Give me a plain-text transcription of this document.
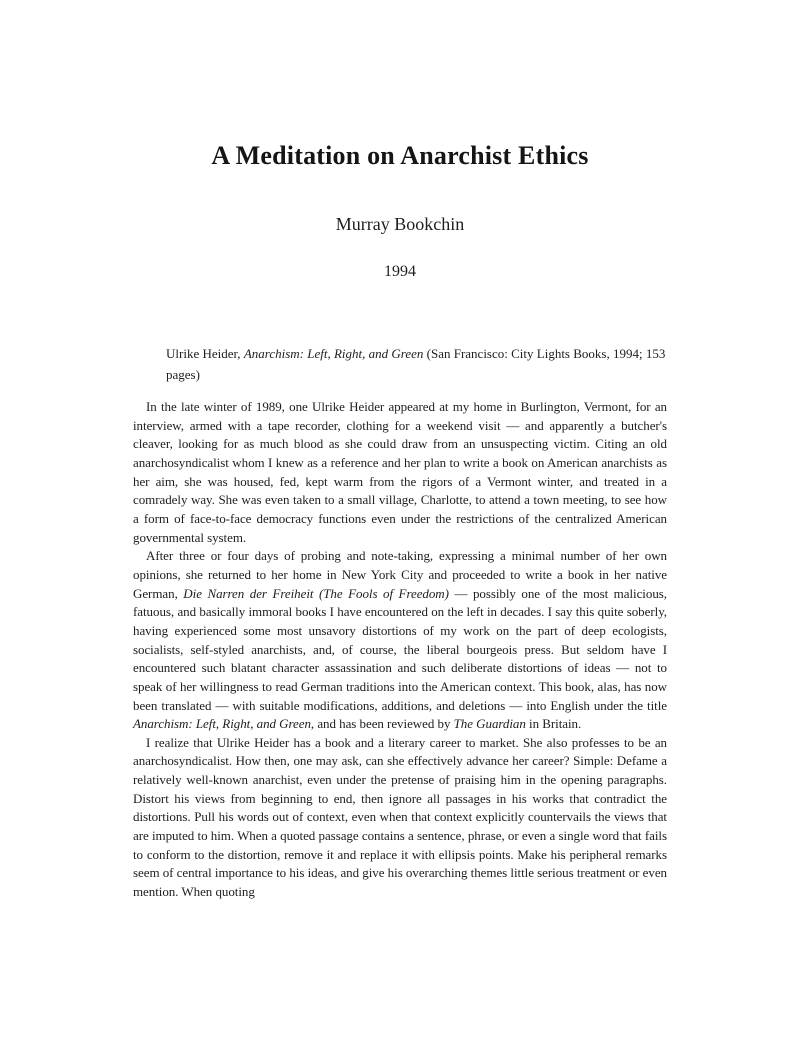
A Meditation on Anarchist Ethics
Murray Bookchin
1994
Ulrike Heider, Anarchism: Left, Right, and Green (San Francisco: City Lights Books, 1994; 153 pages)

In the late winter of 1989, one Ulrike Heider appeared at my home in Burlington, Vermont, for an interview, armed with a tape recorder, clothing for a weekend visit — and apparently a butcher's cleaver, looking for as much blood as she could draw from an unsuspecting victim. Citing an old anarchosyndicalist whom I knew as a reference and her plan to write a book on American anarchists as her aim, she was housed, fed, kept warm from the rigors of a Vermont winter, and treated in a comradely way. She was even taken to a small village, Charlotte, to attend a town meeting, to see how a form of face-to-face democracy functions even under the restrictions of the centralized American governmental system.

After three or four days of probing and note-taking, expressing a minimal number of her own opinions, she returned to her home in New York City and proceeded to write a book in her native German, Die Narren der Freiheit (The Fools of Freedom) — possibly one of the most malicious, fatuous, and basically immoral books I have encountered on the left in decades. I say this quite soberly, having experienced some most unsavory distortions of my work on the part of deep ecologists, socialists, self-styled anarchists, and, of course, the liberal bourgeois press. But seldom have I encountered such blatant character assassination and such deliberate distortions of ideas — not to speak of her willingness to read German traditions into the American context. This book, alas, has now been translated — with suitable modifications, additions, and deletions — into English under the title Anarchism: Left, Right, and Green, and has been reviewed by The Guardian in Britain.

I realize that Ulrike Heider has a book and a literary career to market. She also professes to be an anarchosyndicalist. How then, one may ask, can she effectively advance her career? Simple: Defame a relatively well-known anarchist, even under the pretense of praising him in the opening paragraphs. Distort his views from beginning to end, then ignore all passages in his works that contradict the distortions. Pull his words out of context, even when that context explicitly countervails the views that are imputed to him. When a quoted passage contains a sentence, phrase, or even a single word that fails to conform to the distortion, remove it and replace it with ellipsis points. Make his peripheral remarks seem of central importance to his ideas, and give his overarching themes little serious treatment or even mention. When quoting
